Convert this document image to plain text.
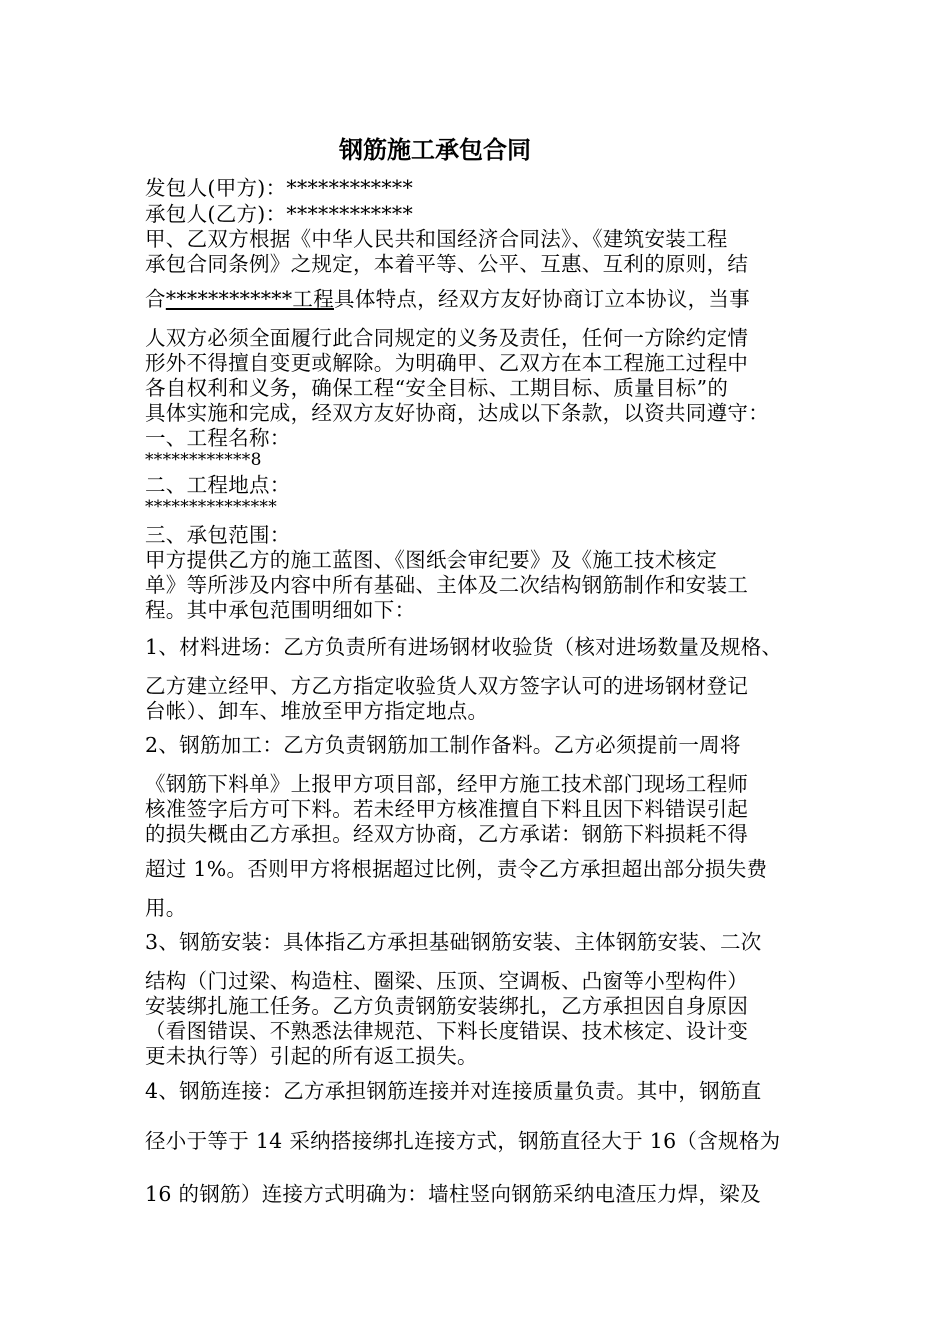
钢筋施工承包合同
发包人(甲方)：************
承包人(乙方)：************
甲、乙双方根据《中华人民共和国经济合同法》、《建筑安装工程
承包合同条例》之规定，本着平等、公平、互惠、互利的原则，结
合************工程具体特点，经双方友好协商订立本协议，当事
人双方必须全面履行此合同规定的义务及责任，任何一方除约定情
形外不得擅自变更或解除。为明确甲、乙双方在本工程施工过程中
各自权利和义务，确保工程“安全目标、工期目标、质量目标”的
具体实施和完成，经双方友好协商，达成以下条款，以资共同遵守：
一、工程名称：
************8
二、工程地点：
***************
三、承包范围：
甲方提供乙方的施工蓝图、《图纸会审纪要》及《施工技术核定
单》等所涉及内容中所有基础、主体及二次结构钢筋制作和安装工
程。其中承包范围明细如下：
1、材料进场：乙方负责所有进场钢材收验货（核对进场数量及规格、
乙方建立经甲、方乙方指定收验货人双方签字认可的进场钢材登记
台帐）、卸车、堆放至甲方指定地点。
2、钢筋加工：乙方负责钢筋加工制作备料。乙方必须提前一周将
《钢筋下料单》上报甲方项目部，经甲方施工技术部门现场工程师
核准签字后方可下料。若未经甲方核准擅自下料且因下料错误引起
的损失概由乙方承担。经双方协商，乙方承诺：钢筋下料损耗不得
超过 1%。否则甲方将根据超过比例，责令乙方承担超出部分损失费
用。
3、钢筋安装：具体指乙方承担基础钢筋安装、主体钢筋安装、二次
结构（门过梁、构造柱、圈梁、压顶、空调板、凸窗等小型构件）
安装绑扎施工任务。乙方负责钢筋安装绑扎，乙方承担因自身原因
（看图错误、不熟悉法律规范、下料长度错误、技术核定、设计变
更未执行等）引起的所有返工损失。
4、钢筋连接：乙方承担钢筋连接并对连接质量负责。其中，钢筋直
径小于等于 14 采纳搭接绑扎连接方式，钢筋直径大于 16（含规格为
16 的钢筋）连接方式明确为：墙柱竖向钢筋采纳电渣压力焊，梁及
